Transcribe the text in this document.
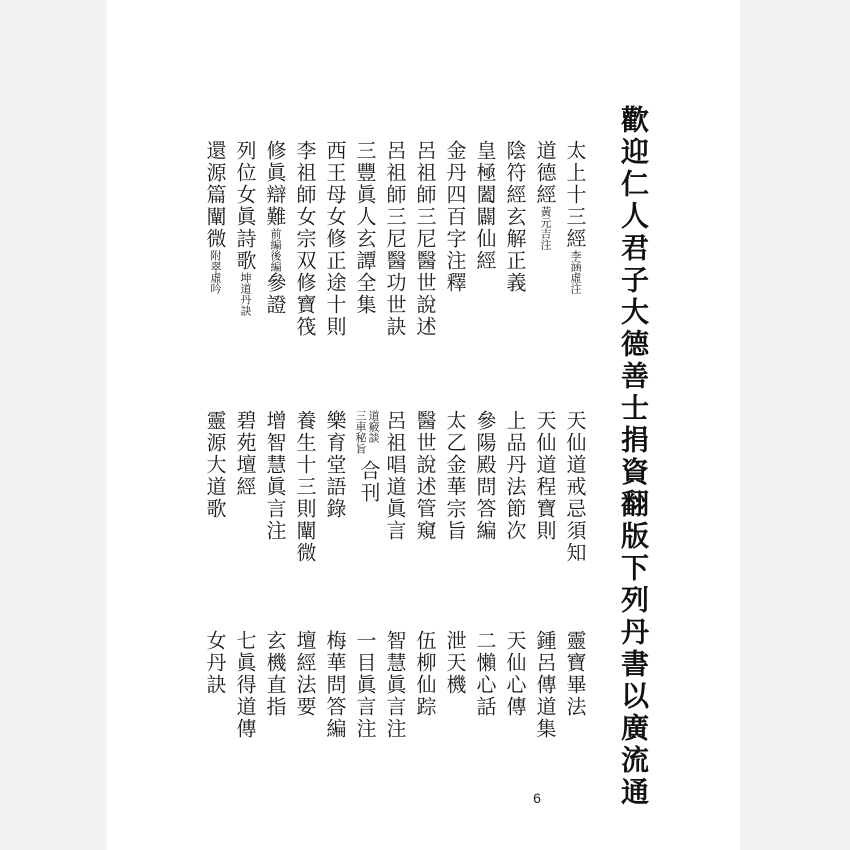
歡迎仁人君子大德善士捐資翻版下列丹書以廣流通
太上十三經李涵虛注
道德經黃元吉注
陰符經玄解正義
皇極闔闢仙經
金丹四百字注釋
呂祖師三尼醫世說述
呂祖師三尼醫功世訣
三豐眞人玄譚全集
西王母女修正途十則
李祖師女宗双修寶筏
修眞辯難前編後編參證
列位女眞詩歌坤道丹訣
還源篇闡微附翠虛吟
天仙道戒忌須知
天仙道程寶則
上品丹法節次
參陽殿問答編
太乙金華宗旨
醫世說述管窺
呂祖唱道眞言
道竅談
三車秘旨
合刊
樂育堂語錄
養生十三則闡微
增智慧眞言注
碧苑壇經
靈源大道歌
靈寶畢法
鍾呂傳道集
天仙心傳
二懶心話
泄天機
伍柳仙踪
智慧眞言注
一目眞言注
梅華問答編
壇經法要
玄機直指
七眞得道傳
女丹訣
6
